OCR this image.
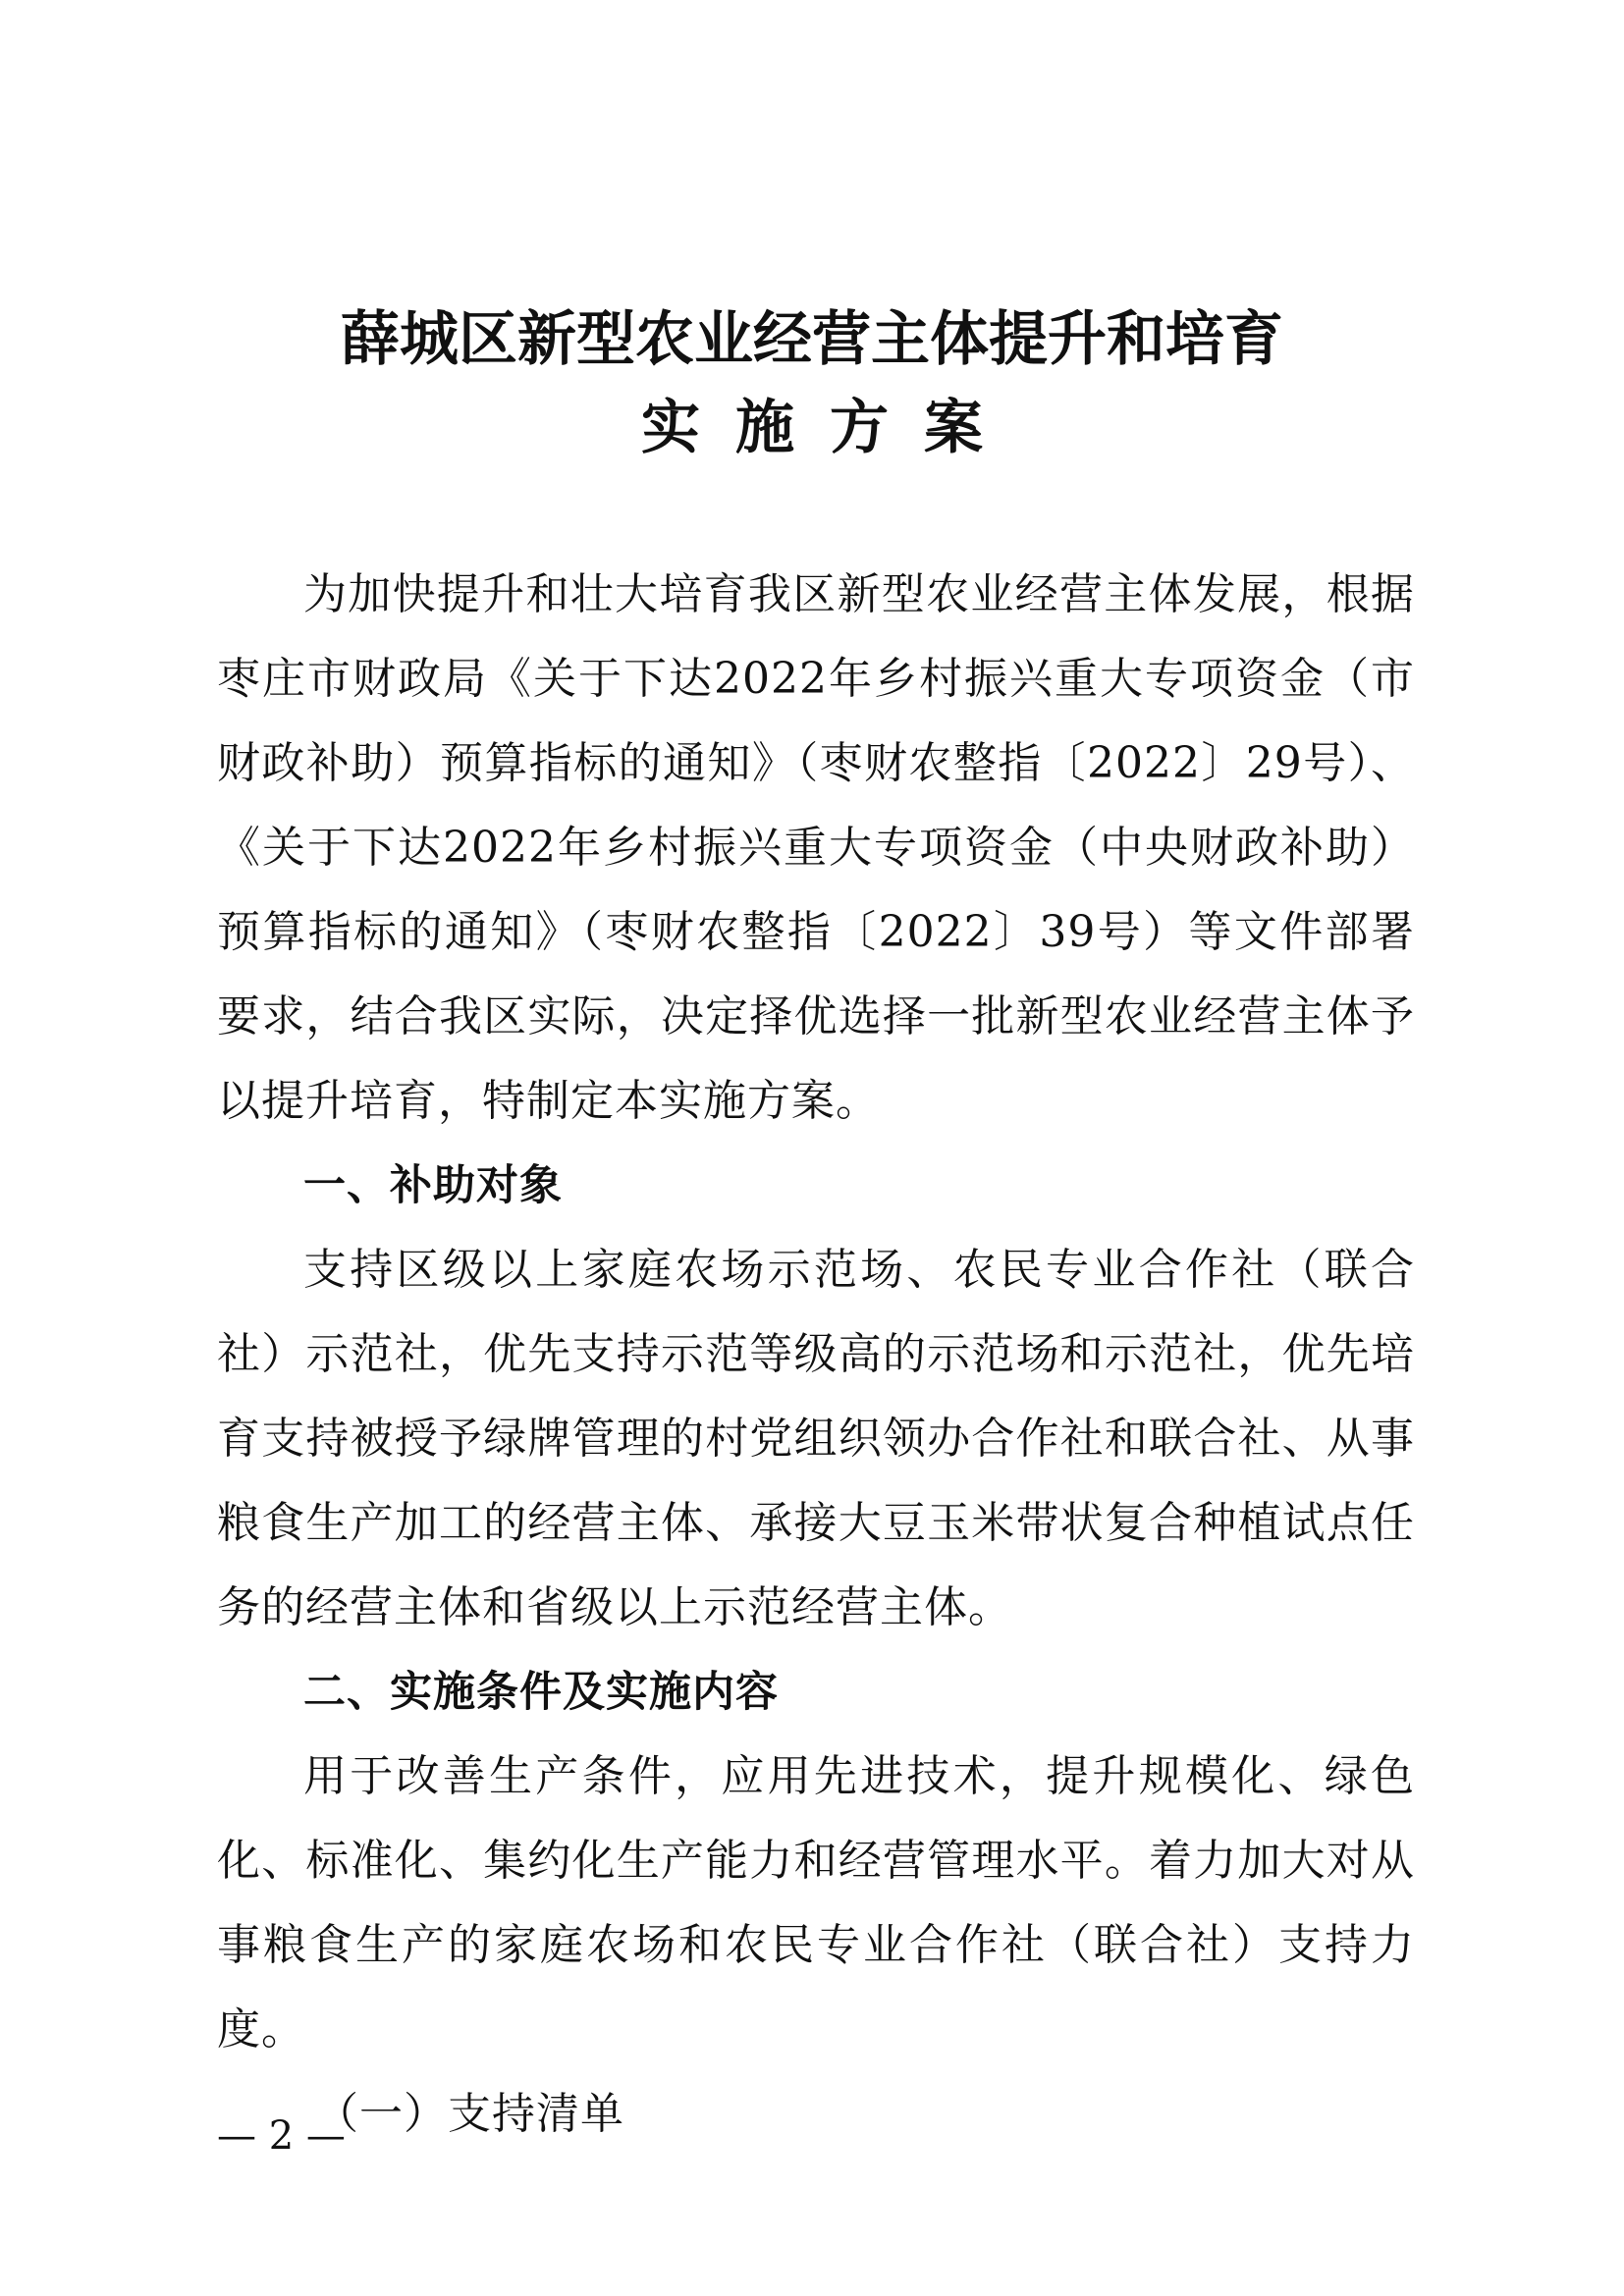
薛城区新型农业经营主体提升和培育
实施方案

为加快提升和壮大培育我区新型农业经营主体发展，根据枣庄市财政局《关于下达2022年乡村振兴重大专项资金（市财政补助）预算指标的通知》（枣财农整指〔2022〕29号）、《关于下达2022年乡村振兴重大专项资金（中央财政补助）预算指标的通知》（枣财农整指〔2022〕39号）等文件部署要求，结合我区实际，决定择优选择一批新型农业经营主体予以提升培育，特制定本实施方案。

一、补助对象

支持区级以上家庭农场示范场、农民专业合作社（联合社）示范社，优先支持示范等级高的示范场和示范社，优先培育支持被授予绿牌管理的村党组织领办合作社和联合社、从事粮食生产加工的经营主体、承接大豆玉米带状复合种植试点任务的经营主体和省级以上示范经营主体。

二、实施条件及实施内容

用于改善生产条件，应用先进技术，提升规模化、绿色化、标准化、集约化生产能力和经营管理水平。着力加大对从事粮食生产的家庭农场和农民专业合作社（联合社）支持力度。

（一）支持清单

— 2 —
